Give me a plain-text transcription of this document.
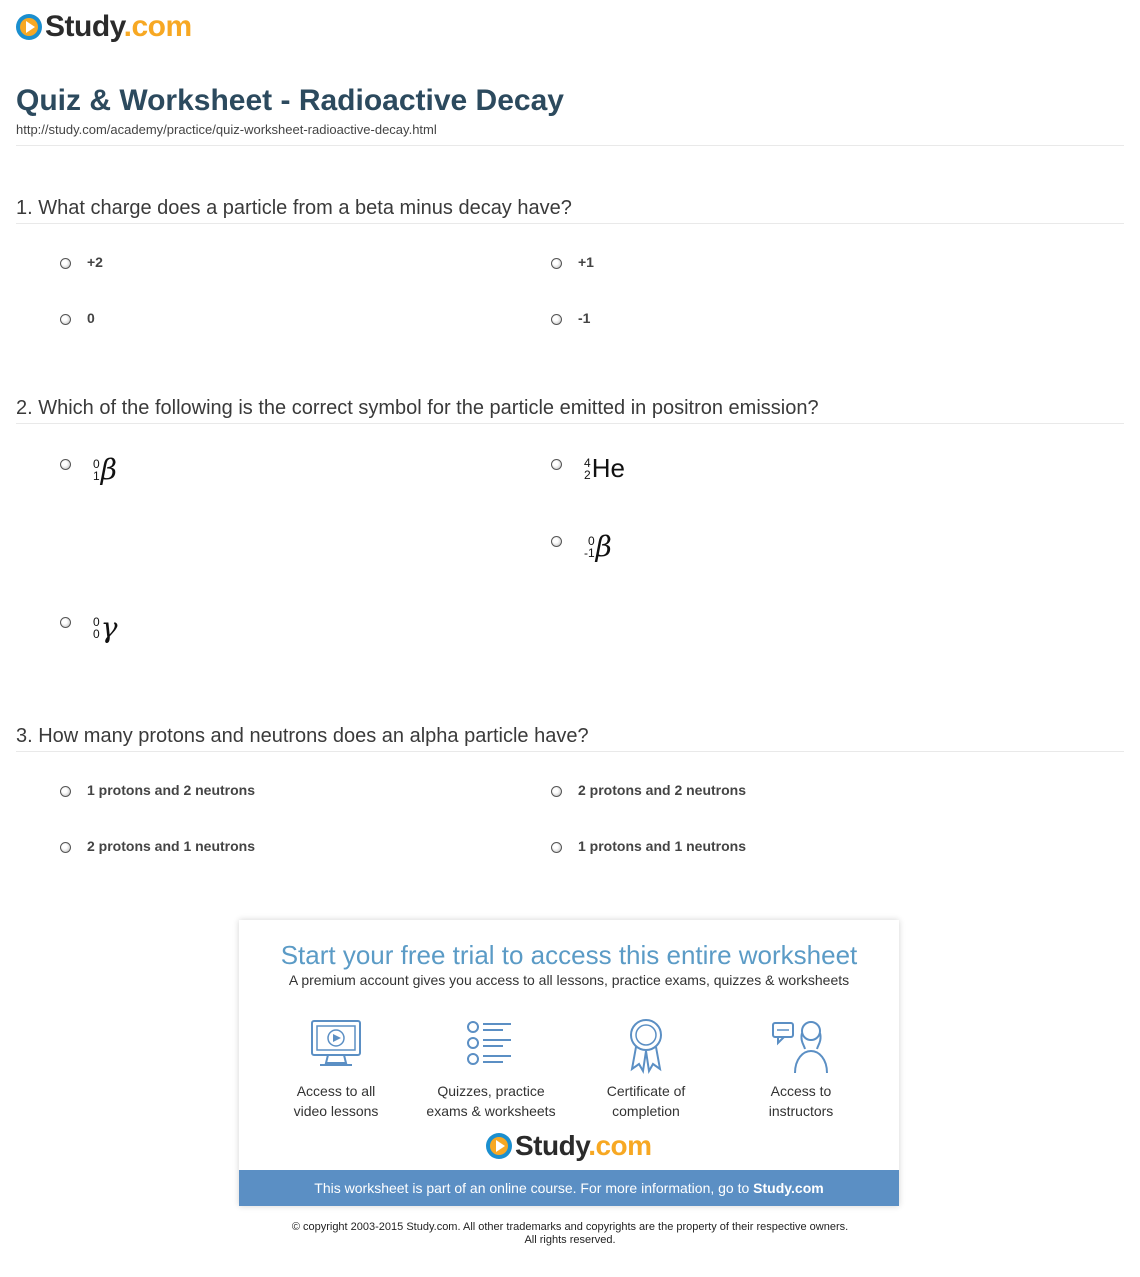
Study.com
Quiz & Worksheet - Radioactive Decay
http://study.com/academy/practice/quiz-worksheet-radioactive-decay.html
1. What charge does a particle from a beta minus decay have?
+2	+1
0	-1
2. Which of the following is the correct symbol for the particle emitted in positron emission?
0
1 β	4
2 He
0
-1 β
0
0 γ
3. How many protons and neutrons does an alpha particle have?
1 protons and 2 neutrons	2 protons and 2 neutrons
2 protons and 1 neutrons	1 protons and 1 neutrons
Start your free trial to access this entire worksheet
A premium account gives you access to all lessons, practice exams, quizzes & worksheets
Access to all
video lessons
Quizzes, practice
exams & worksheets
Certificate of
completion
Access to
instructors
Study.com
This worksheet is part of an online course. For more information, go to Study.com
© copyright 2003-2015 Study.com. All other trademarks and copyrights are the property of their respective owners.
All rights reserved.
